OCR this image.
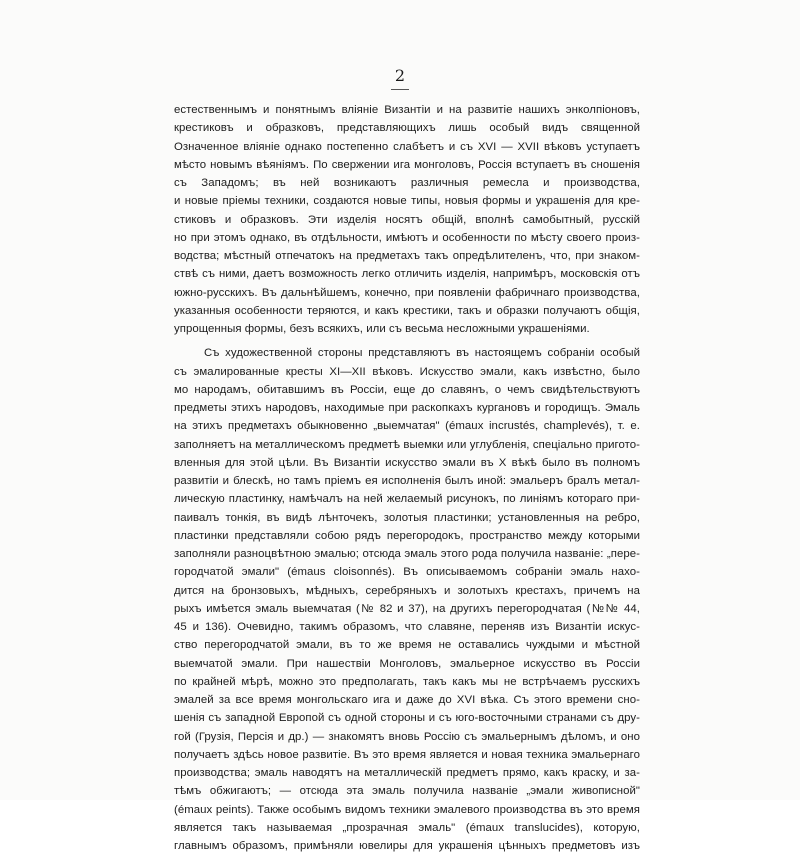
2
естественнымъ и понятнымъ вліяніе Византіи и на развитіе нашихъ энколпіоновъ,
крестиковъ и образковъ, представляющихъ лишь особый видъ священной
Означенное вліяніе однако постепенно слабѣетъ и съ XVI — XVII вѣковъ уступаетъ
мѣсто новымъ вѣяніямъ. По свержении ига монголовъ, Россія вступаетъ въ сношенія
съ Западомъ; въ ней возникаютъ различныя ремесла и производства,
и новые пріемы техники, создаются новые типы, новыя формы и украшенія для кре-
стиковъ и образковъ. Эти изделія носятъ общій, вполнѣ самобытный, русскій
но при этомъ однако, въ отдѣльности, имѣютъ и особенности по мѣсту своего произ-
водства; мѣстный отпечатокъ на предметахъ такъ опредѣлителенъ, что, при знаком-
ствѣ съ ними, даетъ возможность легко отличить изделія, напримѣръ, московскія отъ
южно-русскихъ. Въ дальнѣйшемъ, конечно, при появленіи фабричнаго производства,
указанныя особенности теряются, и какъ крестики, такъ и образки получаютъ общія,
упрощенныя формы, безъ всякихъ, или съ весьма несложными украшеніями.
Съ художественной стороны представляютъ въ настоящемъ собраніи особый
съ эмалированные кресты XI—XII вѣковъ. Искусство эмали, какъ извѣстно, было
мо народамъ, обитавшимъ въ Россіи, еще до славянъ, о чемъ свидѣтельствуютъ
предметы этихъ народовъ, находимые при раскопкахъ кургановъ и городищъ. Эмаль
на этихъ предметахъ обыкновенно „выемчатая" (émaux incrustés, champlevés), т. е.
заполняетъ на металлическомъ предметѣ выемки или углубленія, спеціально пригото-
вленныя для этой цѣли. Въ Византіи искусство эмали въ X вѣкѣ было въ полномъ
развитіи и блескѣ, но тамъ пріемъ ея исполненія былъ иной: эмальеръ бралъ метал-
лическую пластинку, намѣчалъ на ней желаемый рисунокъ, по линіямъ котораго при-
паивалъ тонкія, въ видѣ лѣнточекъ, золотыя пластинки; установленныя на ребро,
пластинки представляли собою рядъ перегородокъ, пространство между которыми
заполняли разноцвѣтною эмалью; отсюда эмаль этого рода получила названіе: „пере-
городчатой эмали" (émaus cloisonnés). Въ описываемомъ собраніи эмаль нахо-
дится на бронзовыхъ, мѣдныхъ, серебряныхъ и золотыхъ крестахъ, причемъ на
рыхъ имѣется эмаль выемчатая (№ 82 и 37), на другихъ перегородчатая (№№ 44,
45 и 136). Очевидно, такимъ образомъ, что славяне, переняв изъ Византіи искус-
ство перегородчатой эмали, въ то же время не оставались чуждыми и мѣстной
выемчатой эмали. При нашествіи Монголовъ, эмальерное искусство въ Россіи
по крайней мѣрѣ, можно это предполагать, такъ какъ мы не встрѣчаемъ русскихъ
эмалей за все время монгольскаго ига и даже до XVI вѣка. Съ этого времени сно-
шенія съ западной Европой съ одной стороны и съ юго-восточными странами съ дру-
гой (Грузія, Персія и др.) — знакомятъ вновь Россію съ эмальернымъ дѣломъ, и оно
получаетъ здѣсь новое развитіе. Въ это время является и новая техника эмальернаго
производства; эмаль наводятъ на металлическій предметъ прямо, какъ краску, и за-
тѣмъ обжигаютъ; — отсюда эта эмаль получила названіе „эмали живописной"
(émaux peints). Также особымъ видомъ техники эмалевого производства въ это время
является такъ называемая „прозрачная эмаль" (émaux translucides), которую,
главнымъ образомъ, примѣняли ювелиры для украшенія цѣнныхъ предметовъ изъ
